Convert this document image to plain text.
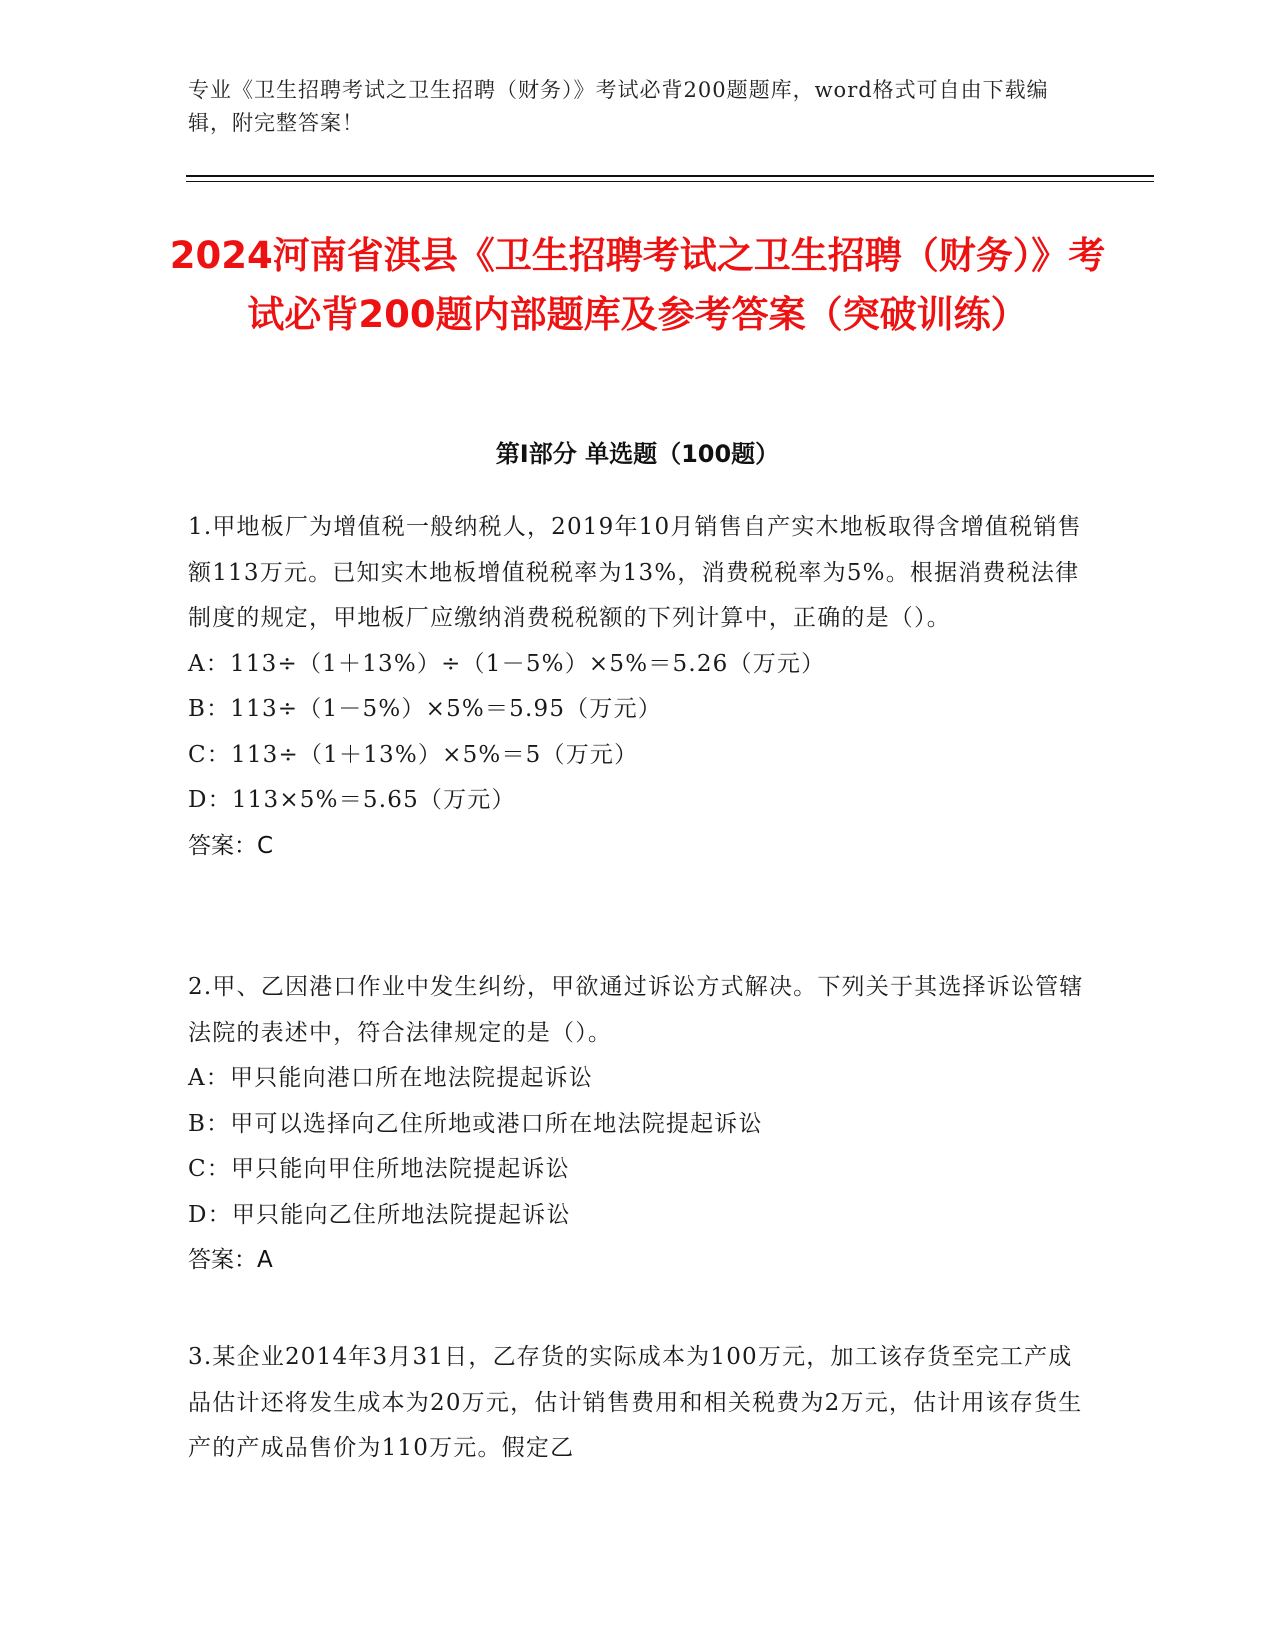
专业《卫生招聘考试之卫生招聘（财务）》考试必背200题题库，word格式可自由下载编辑，附完整答案！
2024河南省淇县《卫生招聘考试之卫生招聘（财务）》考试必背200题内部题库及参考答案（突破训练）
第Ⅰ部分 单选题（100题）
1.甲地板厂为增值税一般纳税人，2019年10月销售自产实木地板取得含增值税销售额113万元。已知实木地板增值税税率为13%，消费税税率为5%。根据消费税法律制度的规定，甲地板厂应缴纳消费税税额的下列计算中，正确的是（）。
A：113÷（1＋13%）÷（1－5%）×5%＝5.26（万元）
B：113÷（1－5%）×5%＝5.95（万元）
C：113÷（1＋13%）×5%＝5（万元）
D：113×5%＝5.65（万元）
答案：C
2.甲、乙因港口作业中发生纠纷，甲欲通过诉讼方式解决。下列关于其选择诉讼管辖法院的表述中，符合法律规定的是（）。
A：甲只能向港口所在地法院提起诉讼
B：甲可以选择向乙住所地或港口所在地法院提起诉讼
C：甲只能向甲住所地法院提起诉讼
D：甲只能向乙住所地法院提起诉讼
答案：A
3.某企业2014年3月31日，乙存货的实际成本为100万元，加工该存货至完工产成品估计还将发生成本为20万元，估计销售费用和相关税费为2万元，估计用该存货生产的产成品售价为110万元。假定乙
